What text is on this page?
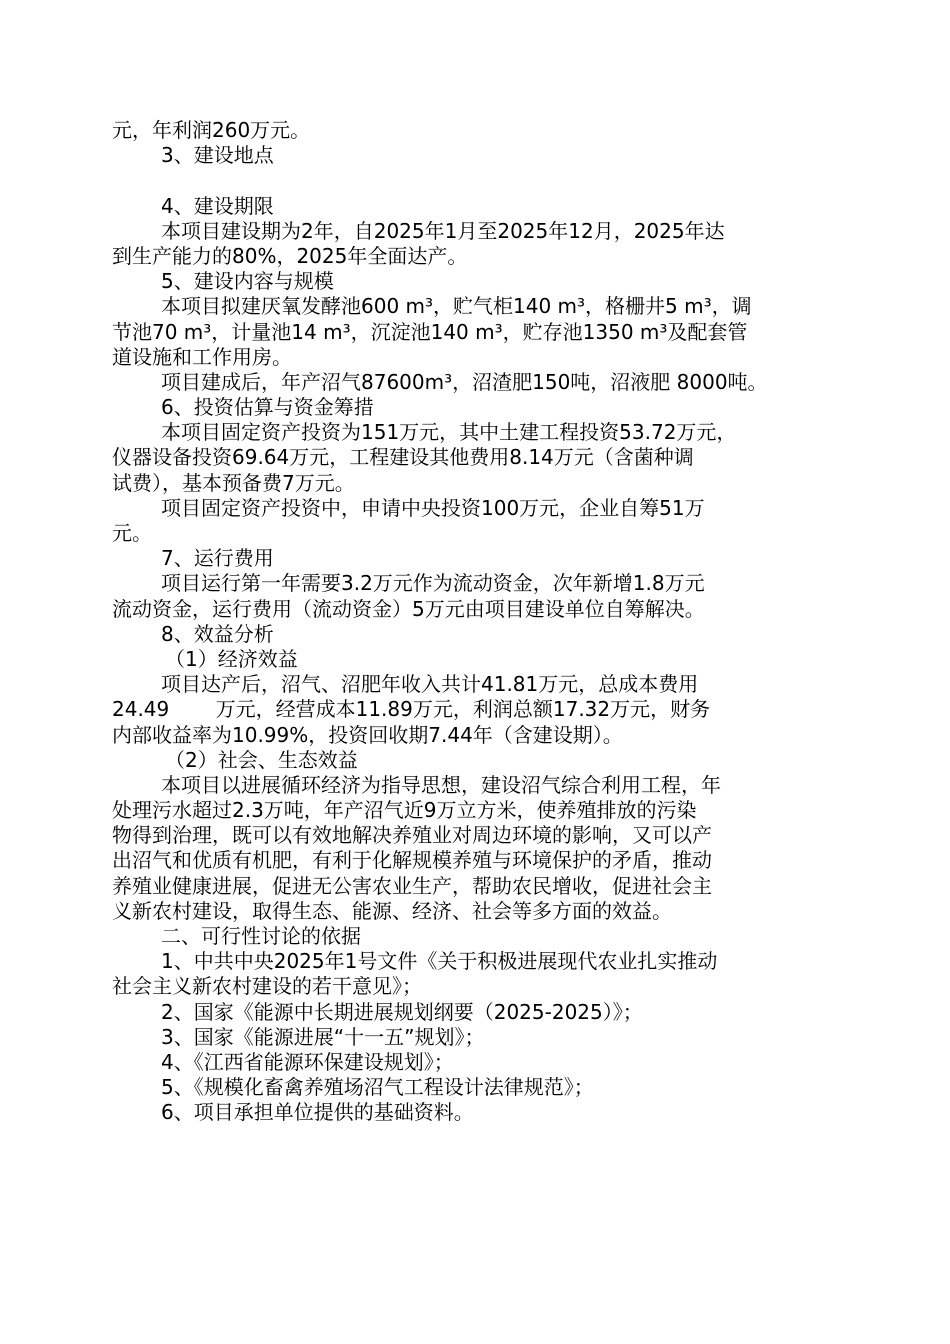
元，年利润260万元。
3、建设地点
4、建设期限
本项目建设期为2年，自2025年1月至2025年12月，2025年达
到生产能力的80%，2025年全面达产。
5、建设内容与规模
本项目拟建厌氧发酵池600 m³，贮气柜140 m³，格栅井5 m³，调
节池70 m³，计量池14 m³，沉淀池140 m³，贮存池1350 m³及配套管
道设施和工作用房。
项目建成后，年产沼气87600m³，沼渣肥150吨，沼液肥 8000吨。
6、投资估算与资金筹措
本项目固定资产投资为151万元，其中土建工程投资53.72万元，
仪器设备投资69.64万元，工程建设其他费用8.14万元（含菌种调
试费），基本预备费7万元。
项目固定资产投资中，申请中央投资100万元，企业自筹51万
元。
7、运行费用
项目运行第一年需要3.2万元作为流动资金，次年新增1.8万元
流动资金，运行费用（流动资金）5万元由项目建设单位自筹解决。
8、效益分析
（1）经济效益
项目达产后，沼气、沼肥年收入共计41.81万元，总成本费用
24.49　　 万元，经营成本11.89万元，利润总额17.32万元，财务
内部收益率为10.99%，投资回收期7.44年（含建设期）。
（2）社会、生态效益
本项目以进展循环经济为指导思想，建设沼气综合利用工程，年
处理污水超过2.3万吨，年产沼气近9万立方米，使养殖排放的污染
物得到治理，既可以有效地解决养殖业对周边环境的影响，又可以产
出沼气和优质有机肥，有利于化解规模养殖与环境保护的矛盾，推动
养殖业健康进展，促进无公害农业生产，帮助农民增收，促进社会主
义新农村建设，取得生态、能源、经济、社会等多方面的效益。
二、可行性讨论的依据
1、中共中央2025年1号文件《关于积极进展现代农业扎实推动
社会主义新农村建设的若干意见》；
2、国家《能源中长期进展规划纲要（2025-2025）》；
3、国家《能源进展“十一五”规划》；
4、《江西省能源环保建设规划》；
5、《规模化畜禽养殖场沼气工程设计法律规范》；
6、项目承担单位提供的基础资料。
